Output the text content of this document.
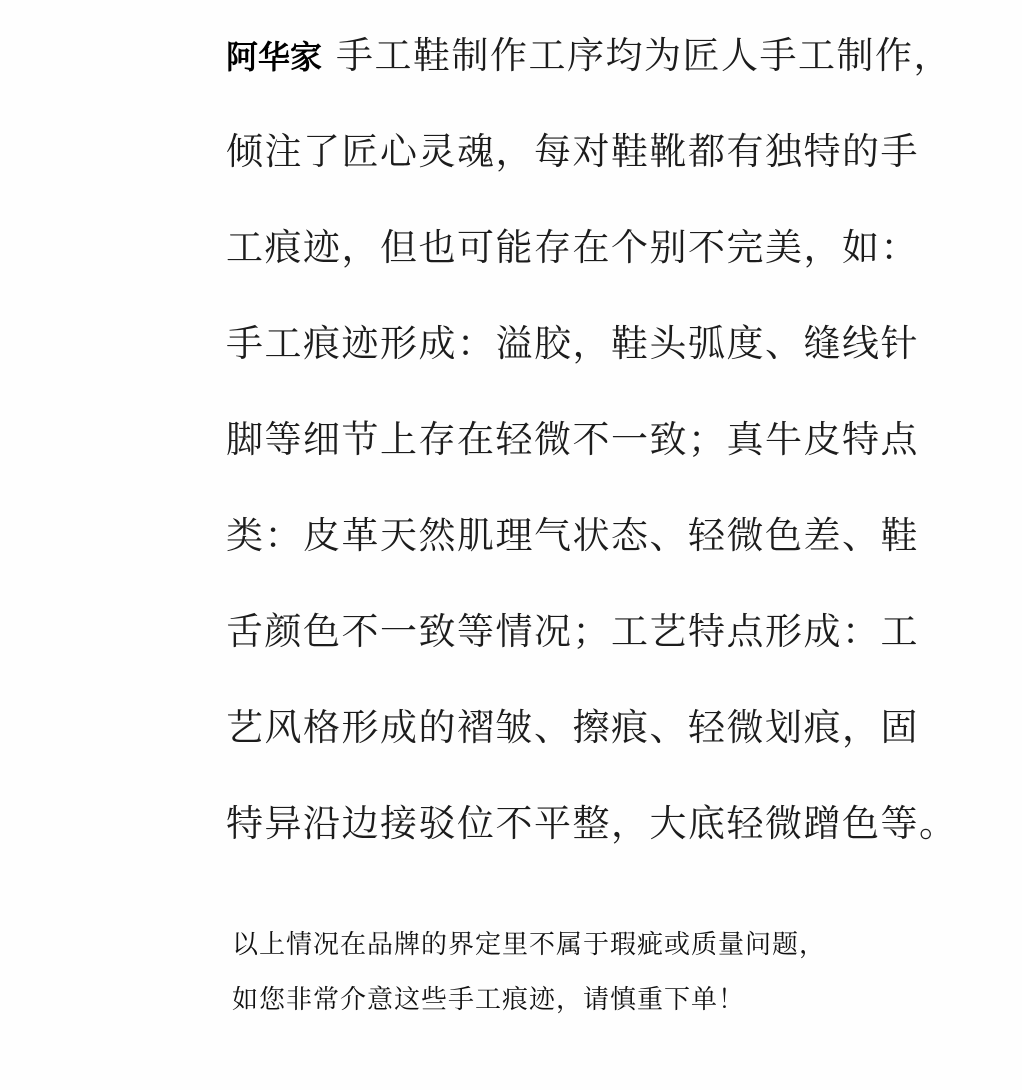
阿华家 手工鞋制作工序均为匠人手工制作，
倾注了匠心灵魂，每对鞋靴都有独特的手
工痕迹，但也可能存在个别不完美，如：
手工痕迹形成：溢胶，鞋头弧度、缝线针
脚等细节上存在轻微不一致；真牛皮特点
类：皮革天然肌理气状态、轻微色差、鞋
舌颜色不一致等情况；工艺特点形成：工
艺风格形成的褶皱、擦痕、轻微划痕，固
特异沿边接驳位不平整，大底轻微蹭色等。
以上情况在品牌的界定里不属于瑕疵或质量问题，
如您非常介意这些手工痕迹，请慎重下单！
